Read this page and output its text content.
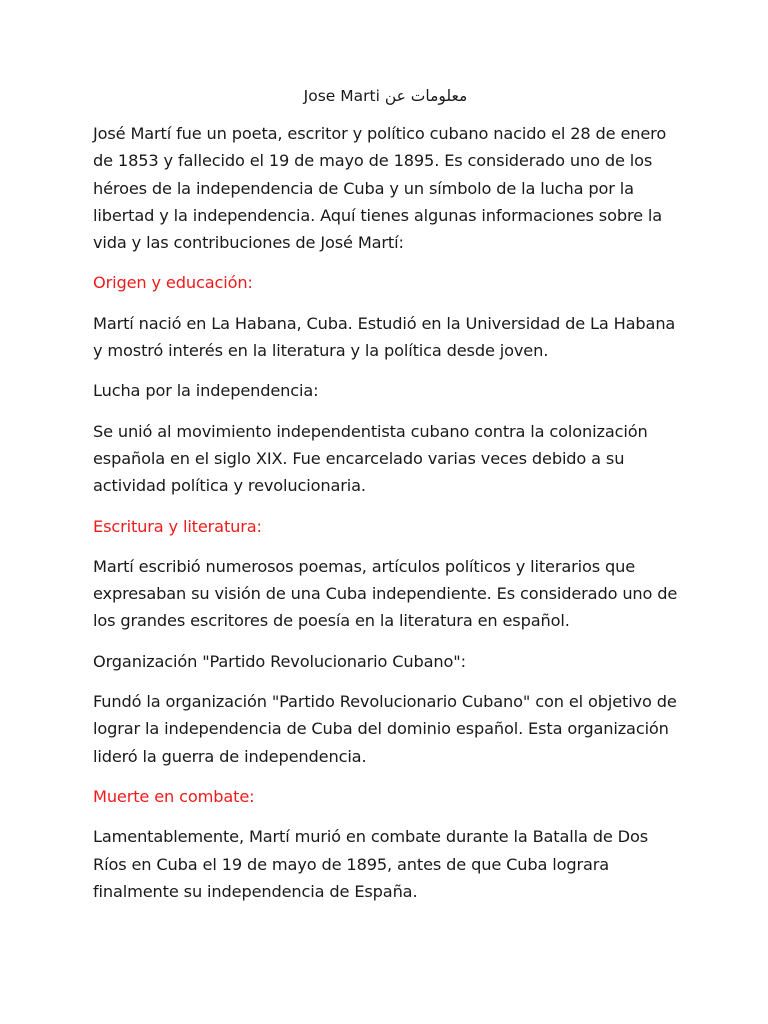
Jose Marti معلومات عن

José Martí fue un poeta, escritor y político cubano nacido el 28 de enero de 1853 y fallecido el 19 de mayo de 1895. Es considerado uno de los héroes de la independencia de Cuba y un símbolo de la lucha por la libertad y la independencia. Aquí tienes algunas informaciones sobre la vida y las contribuciones de José Martí:

Origen y educación:

Martí nació en La Habana, Cuba. Estudió en la Universidad de La Habana y mostró interés en la literatura y la política desde joven.

Lucha por la independencia:

Se unió al movimiento independentista cubano contra la colonización española en el siglo XIX. Fue encarcelado varias veces debido a su actividad política y revolucionaria.

Escritura y literatura:

Martí escribió numerosos poemas, artículos políticos y literarios que expresaban su visión de una Cuba independiente. Es considerado uno de los grandes escritores de poesía en la literatura en español.

Organización "Partido Revolucionario Cubano":

Fundó la organización "Partido Revolucionario Cubano" con el objetivo de lograr la independencia de Cuba del dominio español. Esta organización lideró la guerra de independencia.

Muerte en combate:

Lamentablemente, Martí murió en combate durante la Batalla de Dos Ríos en Cuba el 19 de mayo de 1895, antes de que Cuba lograra finalmente su independencia de España.
